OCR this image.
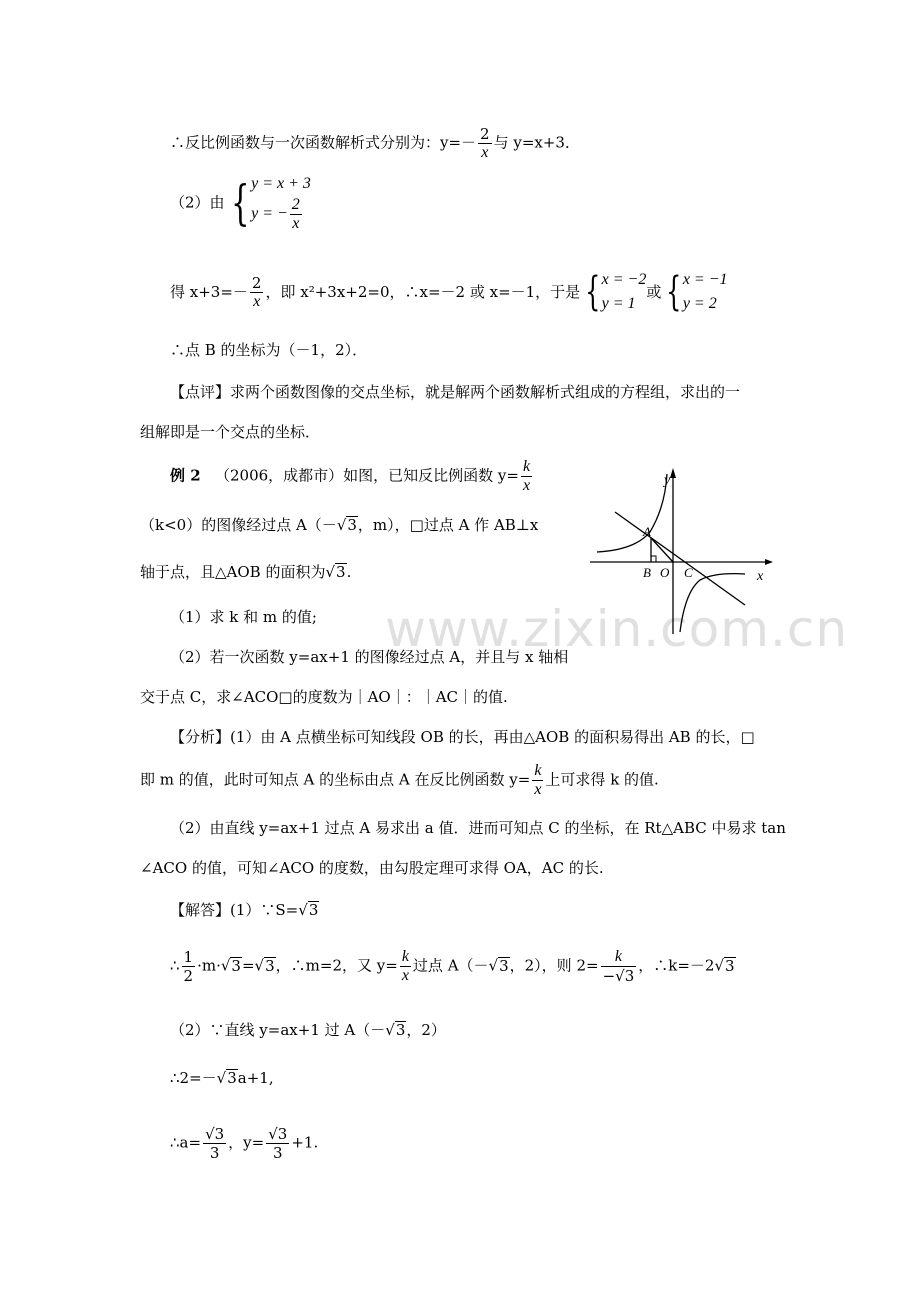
www.zixin.com.cn
∴反比例函数与一次函数解析式分别为：$y=- \frac{2}{x}$ 与 y=x+3．
（2）由 { y = x + 3
y = − $\frac{2}{x}$
得 $x+3=- \frac{2}{x}$ ，即 x²+3x+2=0，∴x=－2 或 x=－1，于是 { x = −2
y = 1
或 { x = −1
y = 2
∴点 B 的坐标为（－1，2）．
【点评】求两个函数图像的交点坐标，就是解两个函数解析式组成的方程组，求出的一
组解即是一个交点的坐标．
例 2 （2006，成都市）如图，已知反比例函数 $y= \frac{k}{x}$
（k<0）的图像经过点 A（－√3，m），□过点 A 作 AB⊥x
轴于点，且△AOB 的面积为√3.
（1）求 k 和 m 的值;
（2）若一次函数 y=ax+1 的图像经过点 A，并且与 x 轴相
交于点 C，求∠ACO□的度数为｜AO｜：｜AC｜的值.
y
x
A
B O C
【分析】(1）由 A 点横坐标可知线段 OB 的长，再由△AOB 的面积易得出 AB 的长，□
即 m 的值，此时可知点 A 的坐标由点 A 在反比例函数 $y= \frac{k}{x}$ 上可求得 k 的值.
（2）由直线 y=ax+1 过点 A 易求出 a 值．进而可知点 C 的坐标，在 Rt△ABC 中易求 tan
∠ACO 的值，可知∠ACO 的度数，由勾股定理可求得 OA，AC 的长.
【解答】(1）∵S=√3
∴ $\frac{1}{2} \cdot m\cdot√3=√3$，∴m=2，又 $y= \frac{k}{x}$ 过点 A（－√3，2），则 $2= \frac{k}{-√3}$ ，∴k=－2√3
（2）∵直线 y=ax+1 过 A（－√3，2）
∴2=－√3a+1,
∴a= $\frac{√3}{3}$ ，$y= \frac{√3}{3} +1$.
